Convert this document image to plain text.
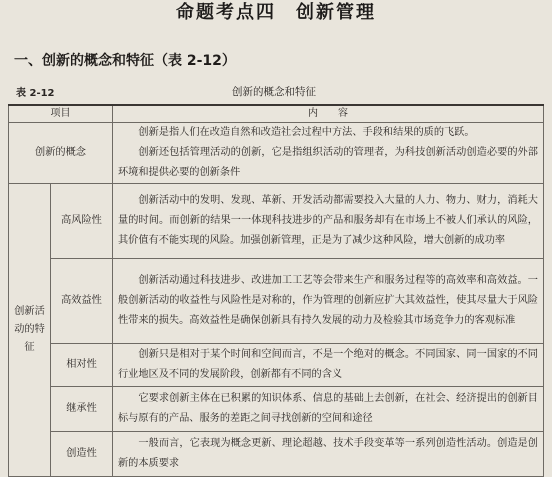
命题考点四　创新管理
一、创新的概念和特征（表 2-12）
表 2-12	创新的概念和特征
项目		内　　容
创新的概念		创新是指人们在改造自然和改造社会过程中方法、手段和结果的质的飞跃。

创新还包括管理活动的创新，它是指组织活动的管理者，为科技创新活动创造必要的外部环境和提供必要的创新条件

创新活动的特征	高风险性	创新活动中的发明、发现、革新、开发活动都需要投入大量的人力、物力、财力，消耗大量的时间。而创新的结果一一体现科技进步的产品和服务却有在市场上不被人们承认的风险，其价值有不能实现的风险。加强创新管理，正是为了减少这种风险，增大创新的成功率
	高效益性	创新活动通过科技进步、改进加工工艺等会带来生产和服务过程等的高效率和高效益。一般创新活动的收益性与风险性是对称的，作为管理的创新应扩大其效益性，使其尽量大于风险性带来的损失。高效益性是确保创新具有持久发展的动力及检验其市场竞争力的客观标准
	相对性	创新只是相对于某个时间和空间而言，不是一个绝对的概念。不同国家、同一国家的不同行业地区及不同的发展阶段，创新都有不同的含义
	继承性	它要求创新主体在已积累的知识体系、信息的基础上去创新，在社会、经济提出的创新目标与原有的产品、服务的差距之间寻找创新的空间和途径
	创造性	一般而言，它表现为概念更新、理论超越、技术手段变革等一系列创造性活动。创造是创新的本质要求
